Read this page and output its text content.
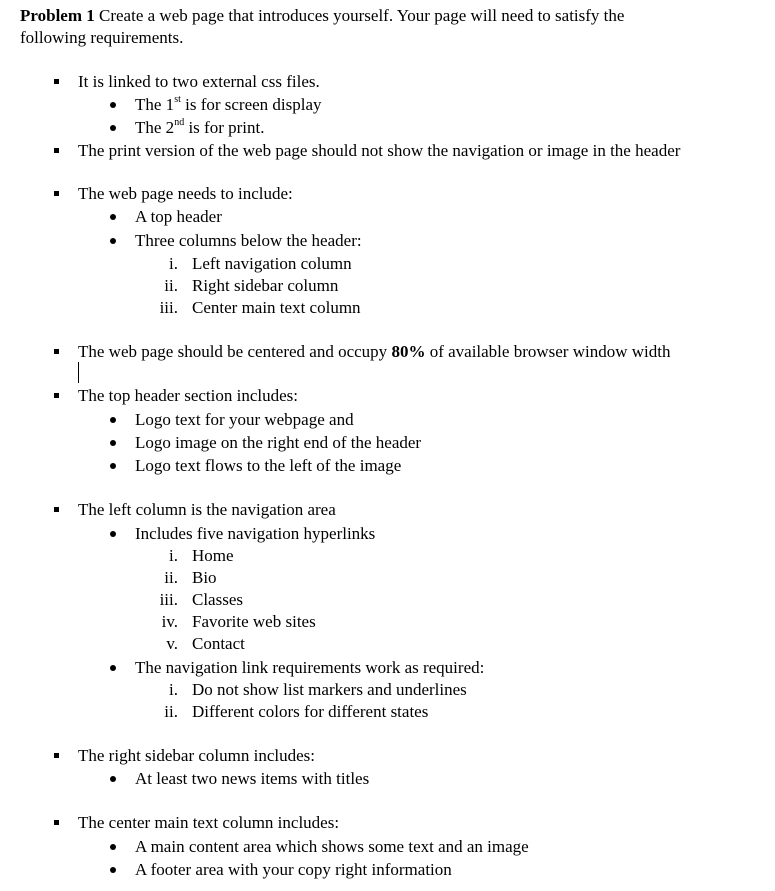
Problem 1 Create a web page that introduces yourself. Your page will need to satisfy the
following requirements.
It is linked to two external css files.
The 1st is for screen display
The 2nd is for print.
The print version of the web page should not show the navigation or image in the header
The web page needs to include:
A top header
Three columns below the header:
i. Left navigation column
ii. Right sidebar column
iii. Center main text column
The web page should be centered and occupy 80% of available browser window width
The top header section includes:
Logo text for your webpage and
Logo image on the right end of the header
Logo text flows to the left of the image
The left column is the navigation area
Includes five navigation hyperlinks
i. Home
ii. Bio
iii. Classes
iv. Favorite web sites
v. Contact
The navigation link requirements work as required:
i. Do not show list markers and underlines
ii. Different colors for different states
The right sidebar column includes:
At least two news items with titles
The center main text column includes:
A main content area which shows some text and an image
A footer area with your copy right information
